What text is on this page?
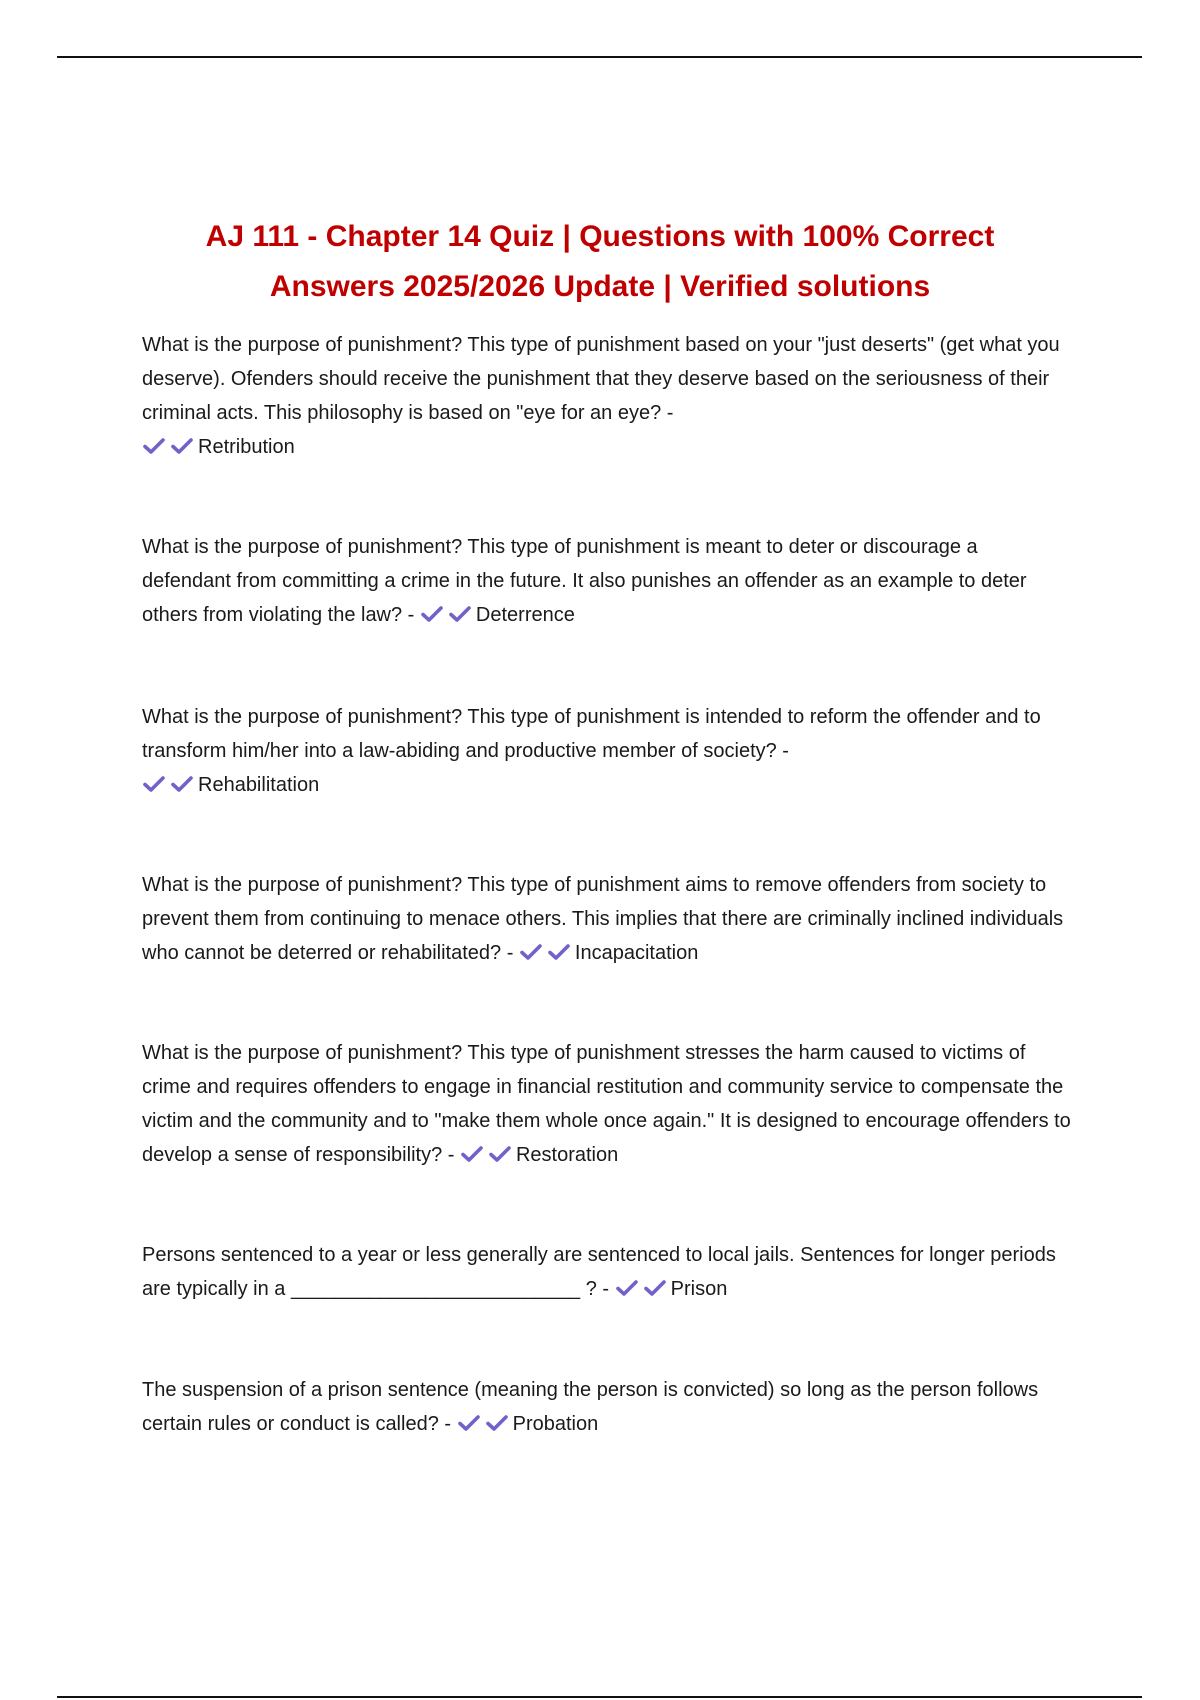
AJ 111 - Chapter 14 Quiz | Questions with 100% Correct
Answers 2025/2026 Update | Verified solutions

What is the purpose of punishment? This type of punishment based on your "just deserts" (get what you deserve). Ofenders should receive the punishment that they deserve based on the seriousness of their criminal acts. This philosophy is based on "eye for an eye? -

Retribution

What is the purpose of punishment? This type of punishment is meant to deter or discourage a defendant from committing a crime in the future. It also punishes an offender as an example to deter others from violating the law? -	Deterrence

What is the purpose of punishment? This type of punishment is intended to reform the offender and to transform him/her into a law-abiding and productive member of society? -

Rehabilitation

What is the purpose of punishment? This type of punishment aims to remove offenders from society to prevent them from continuing to menace others. This implies that there are criminally inclined individuals who cannot be deterred or rehabilitated? -	Incapacitation

What is the purpose of punishment? This type of punishment stresses the harm caused to victims of crime and requires offenders to engage in financial restitution and community service to compensate the victim and the community and to "make them whole once again." It is designed to encourage offenders to develop a sense of responsibility? -	Restoration

Persons sentenced to a year or less generally are sentenced to local jails. Sentences for longer periods are typically in a __________________________ ? -	Prison

The suspension of a prison sentence (meaning the person is convicted) so long as the person follows certain rules or conduct is called? -	Probation
